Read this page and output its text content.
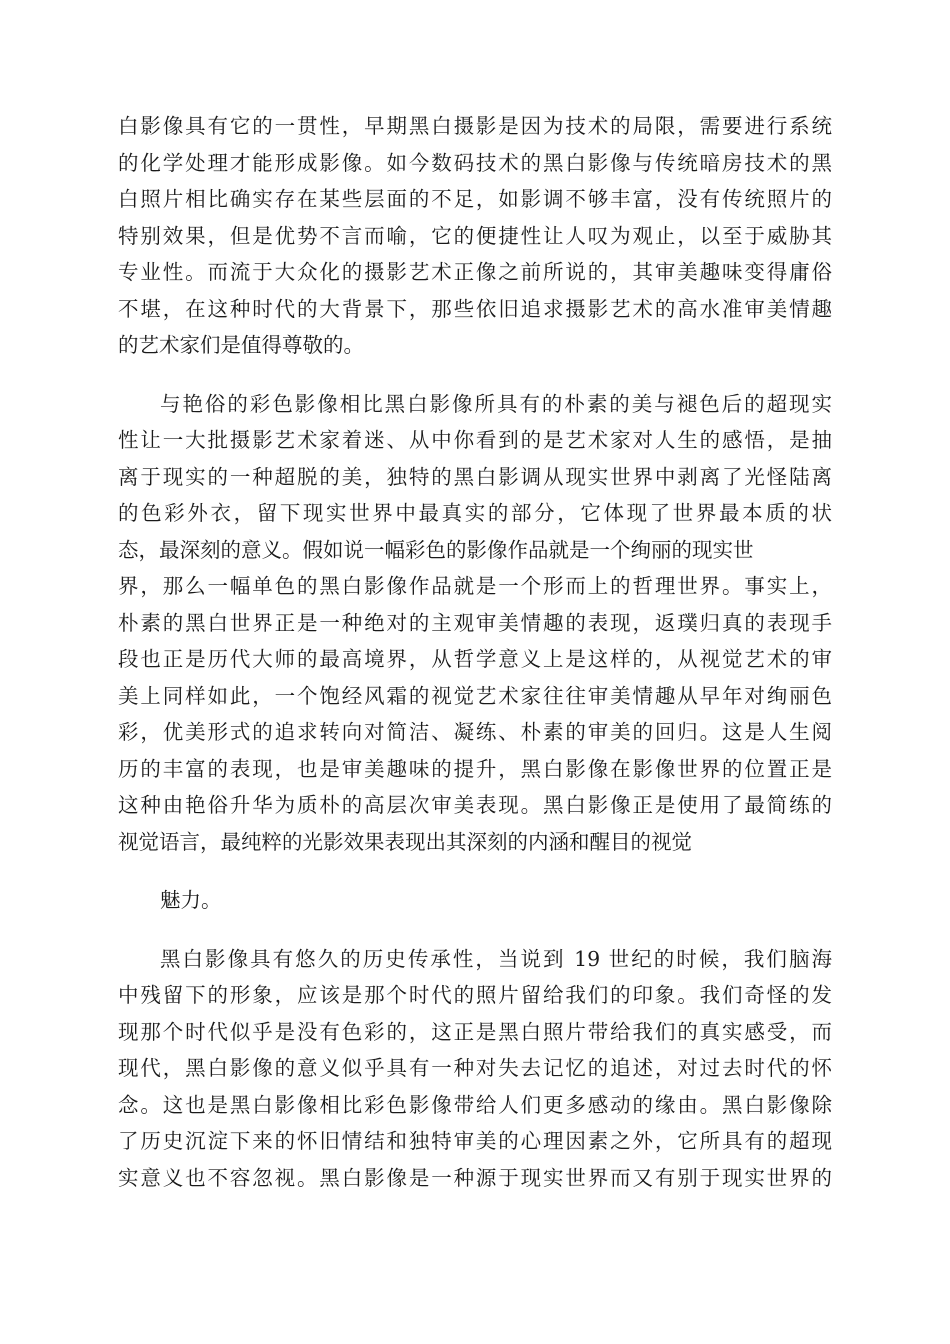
白影像具有它的一贯性，早期黑白摄影是因为技术的局限，需要进行系统
的化学处理才能形成影像。如今数码技术的黑白影像与传统暗房技术的黑
白照片相比确实存在某些层面的不足，如影调不够丰富，没有传统照片的
特别效果，但是优势不言而喻，它的便捷性让人叹为观止，以至于威胁其
专业性。而流于大众化的摄影艺术正像之前所说的，其审美趣味变得庸俗
不堪，在这种时代的大背景下，那些依旧追求摄影艺术的高水准审美情趣
的艺术家们是值得尊敬的。
与艳俗的彩色影像相比黑白影像所具有的朴素的美与褪色后的超现实
性让一大批摄影艺术家着迷、从中你看到的是艺术家对人生的感悟，是抽
离于现实的一种超脱的美，独特的黑白影调从现实世界中剥离了光怪陆离
的色彩外衣，留下现实世界中最真实的部分，它体现了世界最本质的状
态，最深刻的意义。假如说一幅彩色的影像作品就是一个绚丽的现实世
界，那么一幅单色的黑白影像作品就是一个形而上的哲理世界。事实上，
朴素的黑白世界正是一种绝对的主观审美情趣的表现，返璞归真的表现手
段也正是历代大师的最高境界，从哲学意义上是这样的，从视觉艺术的审
美上同样如此，一个饱经风霜的视觉艺术家往往审美情趣从早年对绚丽色
彩，优美形式的追求转向对简洁、凝练、朴素的审美的回归。这是人生阅
历的丰富的表现，也是审美趣味的提升，黑白影像在影像世界的位置正是
这种由艳俗升华为质朴的高层次审美表现。黑白影像正是使用了最简练的
视觉语言，最纯粹的光影效果表现出其深刻的内涵和醒目的视觉
魅力。
黑白影像具有悠久的历史传承性，当说到 19 世纪的时候，我们脑海
中残留下的形象，应该是那个时代的照片留给我们的印象。我们奇怪的发
现那个时代似乎是没有色彩的，这正是黑白照片带给我们的真实感受，而
现代，黑白影像的意义似乎具有一种对失去记忆的追述，对过去时代的怀
念。这也是黑白影像相比彩色影像带给人们更多感动的缘由。黑白影像除
了历史沉淀下来的怀旧情结和独特审美的心理因素之外，它所具有的超现
实意义也不容忽视。黑白影像是一种源于现实世界而又有别于现实世界的
